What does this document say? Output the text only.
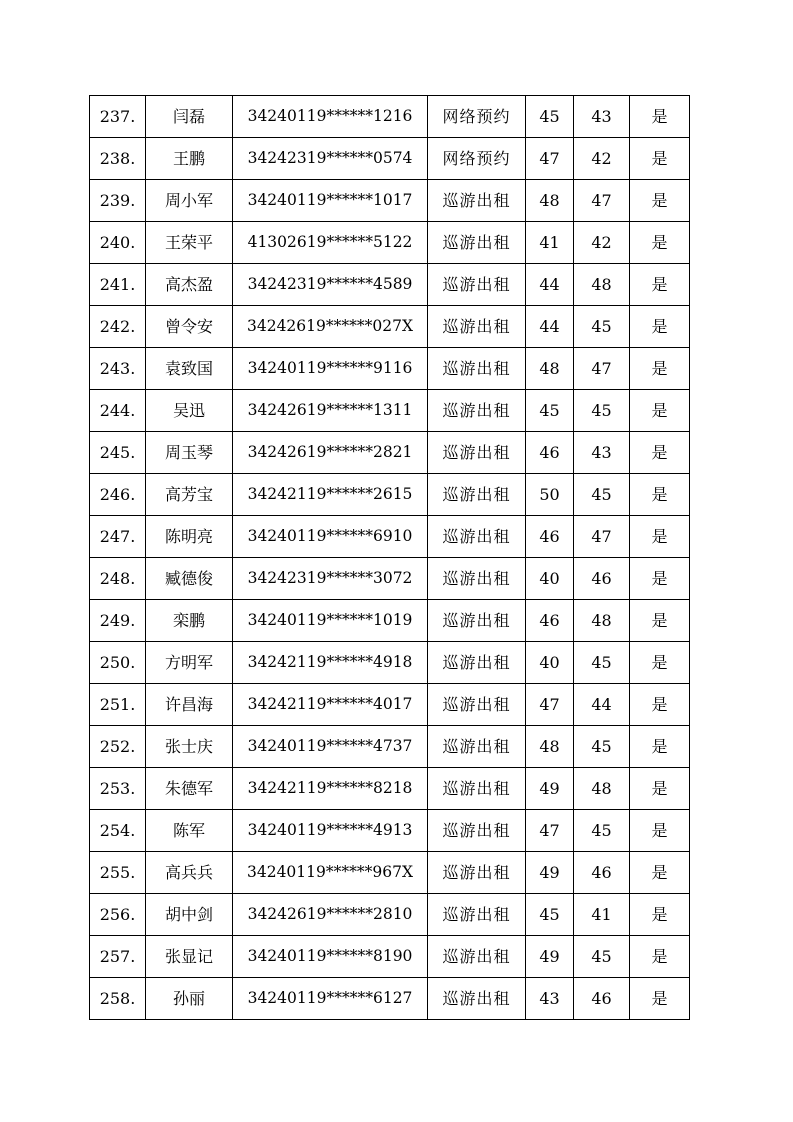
237.	闫磊	34240119******1216	网络预约	45	43	是
238.	王鹏	34242319******0574	网络预约	47	42	是
239.	周小军	34240119******1017	巡游出租	48	47	是
240.	王荣平	41302619******5122	巡游出租	41	42	是
241.	高杰盈	34242319******4589	巡游出租	44	48	是
242.	曾令安	34242619******027X	巡游出租	44	45	是
243.	袁致国	34240119******9116	巡游出租	48	47	是
244.	吴迅	34242619******1311	巡游出租	45	45	是
245.	周玉琴	34242619******2821	巡游出租	46	43	是
246.	高芳宝	34242119******2615	巡游出租	50	45	是
247.	陈明亮	34240119******6910	巡游出租	46	47	是
248.	臧德俊	34242319******3072	巡游出租	40	46	是
249.	栾鹏	34240119******1019	巡游出租	46	48	是
250.	方明军	34242119******4918	巡游出租	40	45	是
251.	许昌海	34242119******4017	巡游出租	47	44	是
252.	张士庆	34240119******4737	巡游出租	48	45	是
253.	朱德军	34242119******8218	巡游出租	49	48	是
254.	陈军	34240119******4913	巡游出租	47	45	是
255.	高兵兵	34240119******967X	巡游出租	49	46	是
256.	胡中剑	34242619******2810	巡游出租	45	41	是
257.	张显记	34240119******8190	巡游出租	49	45	是
258.	孙丽	34240119******6127	巡游出租	43	46	是
